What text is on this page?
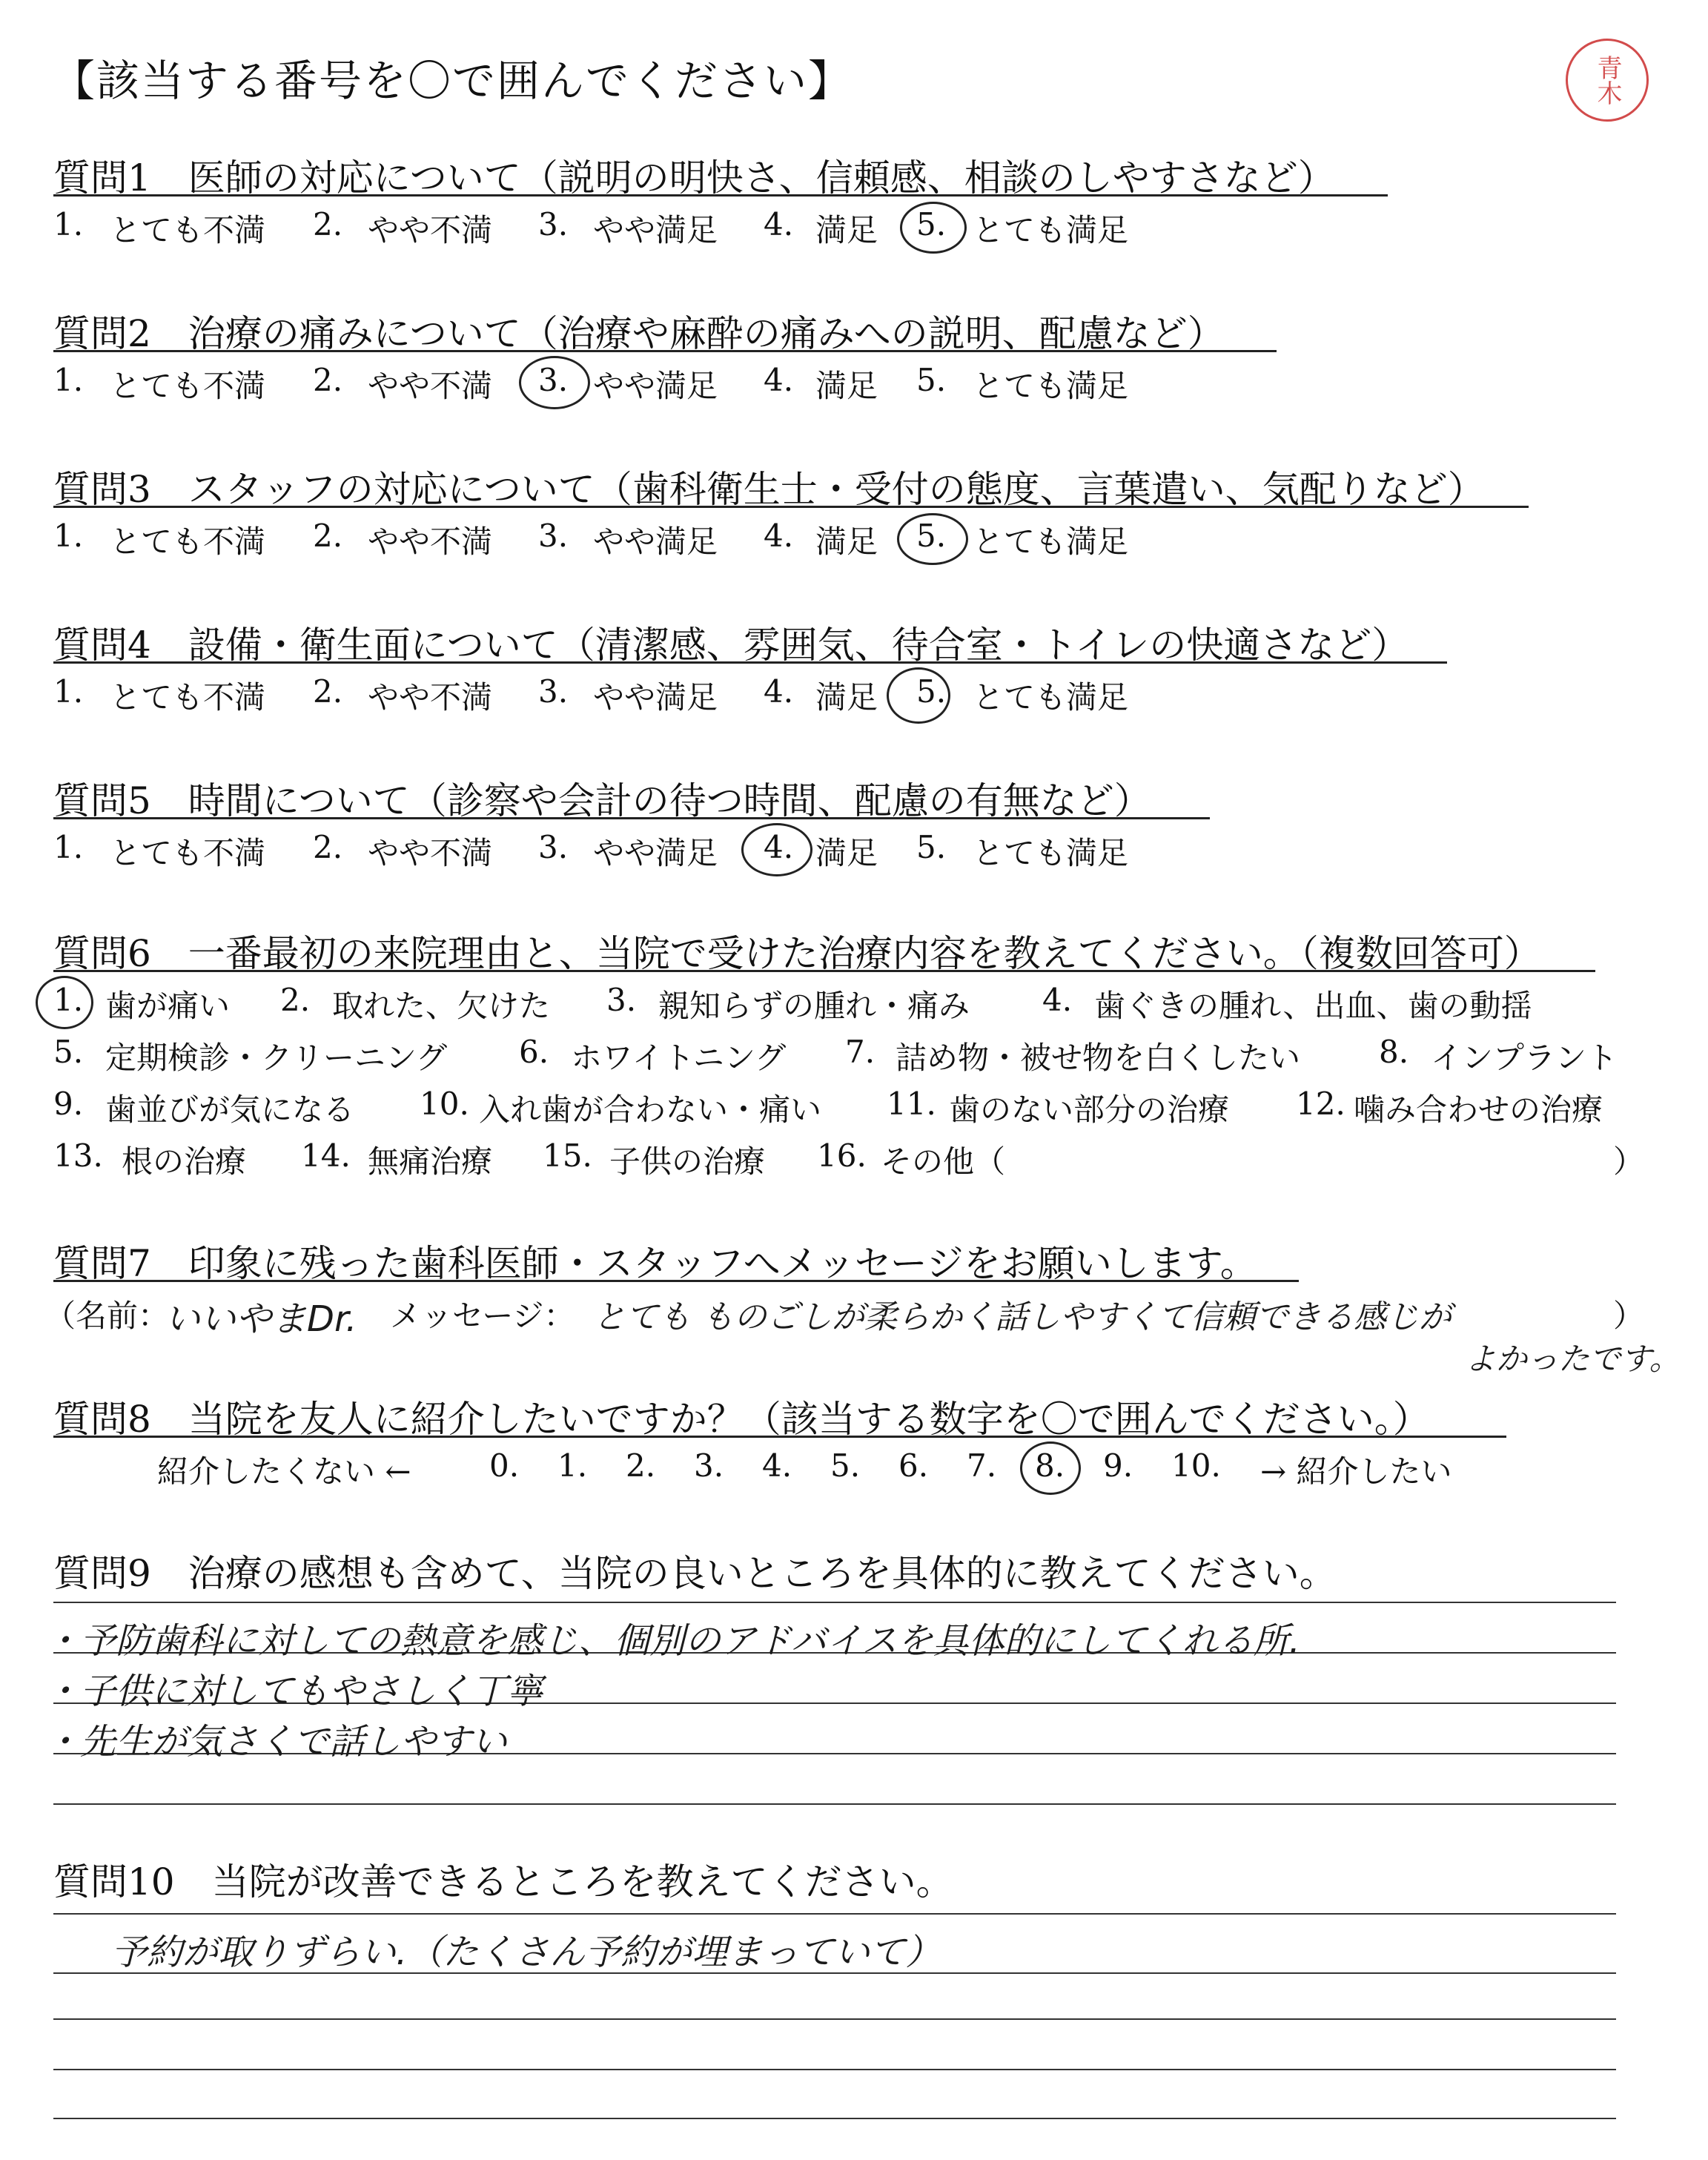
【該当する番号を〇で囲んでください】	青木
質問1　医師の対応について（説明の明快さ、信頼感、相談のしやすさなど）
1. とても不満 2. やや不満 3. やや満足 4. 満足 5. とても満足
質問2　治療の痛みについて（治療や麻酔の痛みへの説明、配慮など）
1. とても不満 2. やや不満 3. やや満足 4. 満足 5. とても満足
質問3　スタッフの対応について（歯科衛生士・受付の態度、言葉遣い、気配りなど）
1. とても不満 2. やや不満 3. やや満足 4. 満足 5. とても満足
質問4　設備・衛生面について（清潔感、雰囲気、待合室・トイレの快適さなど）
1. とても不満 2. やや不満 3. やや満足 4. 満足 5. とても満足
質問5　時間について（診察や会計の待つ時間、配慮の有無など）
1. とても不満 2. やや不満 3. やや満足 4. 満足 5. とても満足
質問6　一番最初の来院理由と、当院で受けた治療内容を教えてください。（複数回答可）
1. 歯が痛い 2. 取れた、欠けた 3. 親知らずの腫れ・痛み 4. 歯ぐきの腫れ、出血、歯の動揺
5. 定期検診・クリーニング 6. ホワイトニング 7. 詰め物・被せ物を白くしたい	8. インプラント
9. 歯並びが気になる 10. 入れ歯が合わない・痛い 11. 歯のない部分の治療 12. 噛み合わせの治療
13. 根の治療 14. 無痛治療 15. 子供の治療 16. その他（	）
質問7　印象に残った歯科医師・スタッフへメッセージをお願いします。
（名前：
いいやまDr. メッセージ： とても ものごしが柔らかく話しやすくて信頼できる感じが	）
よかったです。
質問8　当院を友人に紹介したいですか？（該当する数字を〇で囲んでください。）
紹介したくない ←	0. 1. 2. 3. 4. 5. 6. 7. 8. 9. 10. → 紹介したい
質問9　治療の感想も含めて、当院の良いところを具体的に教えてください。
・予防歯科に対しての熱意を感じ、個別のアドバイスを具体的にしてくれる所.
・子供に対してもやさしく丁寧
・先生が気さくで話しやすい
質問10　当院が改善できるところを教えてください。
予約が取りずらい.（たくさん予約が埋まっていて）
